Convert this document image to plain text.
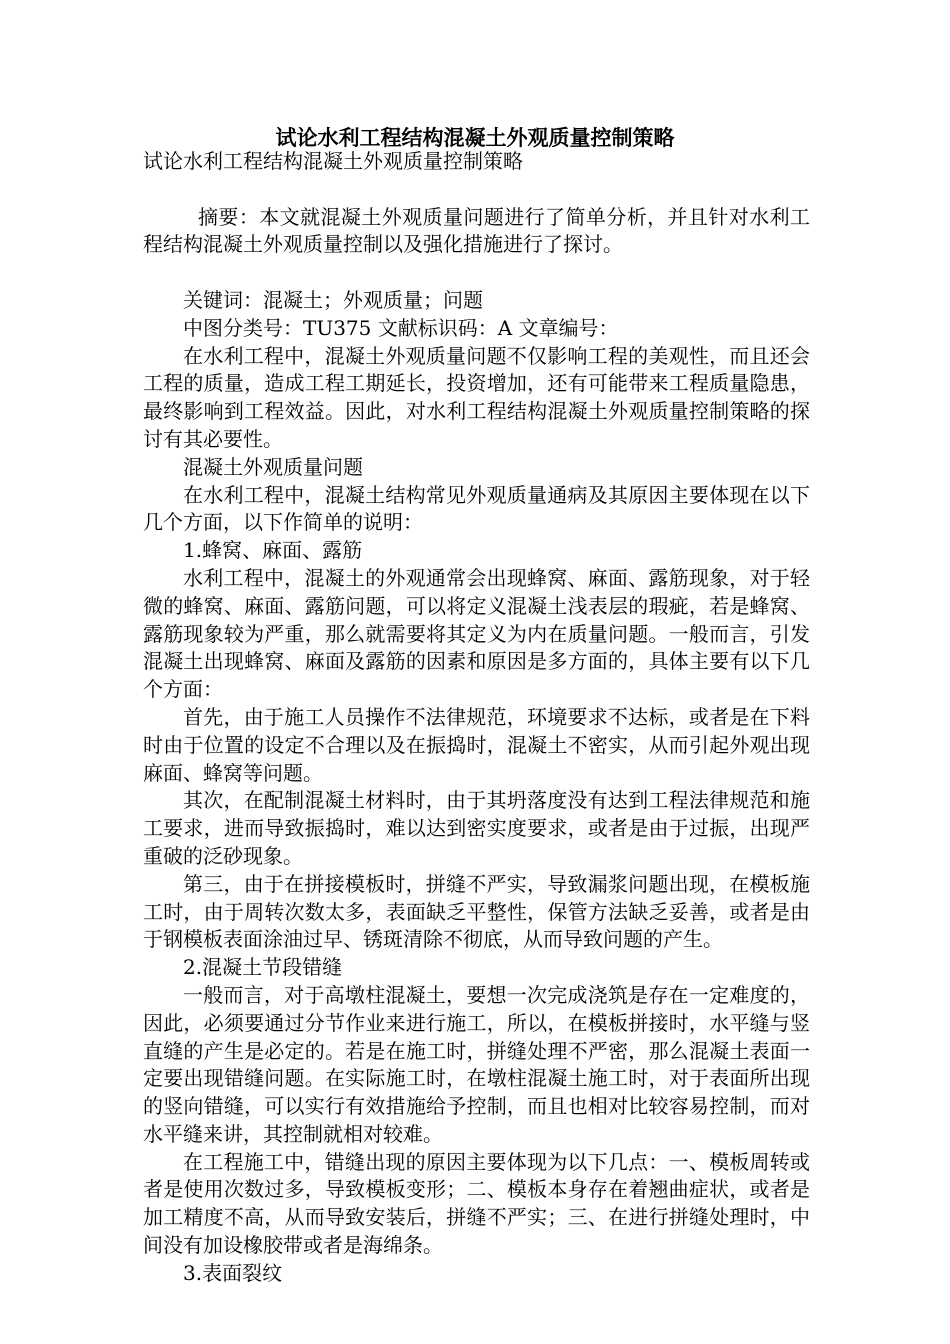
试论水利工程结构混凝土外观质量控制策略

试论水利工程结构混凝土外观质量控制策略

摘要：本文就混凝土外观质量问题进行了简单分析，并且针对水利工程结构混凝土外观质量控制以及强化措施进行了探讨。

关键词：混凝土；外观质量；问题

中图分类号：TU375 文献标识码：A 文章编号：

在水利工程中，混凝土外观质量问题不仅影响工程的美观性，而且还会工程的质量，造成工程工期延长，投资增加，还有可能带来工程质量隐患，最终影响到工程效益。因此，对水利工程结构混凝土外观质量控制策略的探讨有其必要性。

混凝土外观质量问题

在水利工程中，混凝土结构常见外观质量通病及其原因主要体现在以下几个方面，以下作简单的说明：

1.蜂窝、麻面、露筋

水利工程中，混凝土的外观通常会出现蜂窝、麻面、露筋现象，对于轻微的蜂窝、麻面、露筋问题，可以将定义混凝土浅表层的瑕疵，若是蜂窝、露筋现象较为严重，那么就需要将其定义为内在质量问题。一般而言，引发混凝土出现蜂窝、麻面及露筋的因素和原因是多方面的，具体主要有以下几个方面：

首先，由于施工人员操作不法律规范，环境要求不达标，或者是在下料时由于位置的设定不合理以及在振捣时，混凝土不密实，从而引起外观出现麻面、蜂窝等问题。

其次，在配制混凝土材料时，由于其坍落度没有达到工程法律规范和施工要求，进而导致振捣时，难以达到密实度要求，或者是由于过振，出现严重破的泛砂现象。

第三，由于在拼接模板时，拼缝不严实，导致漏浆问题出现，在模板施工时，由于周转次数太多，表面缺乏平整性，保管方法缺乏妥善，或者是由于钢模板表面涂油过早、锈斑清除不彻底，从而导致问题的产生。

2.混凝土节段错缝

一般而言，对于高墩柱混凝土，要想一次完成浇筑是存在一定难度的，因此，必须要通过分节作业来进行施工，所以，在模板拼接时，水平缝与竖直缝的产生是必定的。若是在施工时，拼缝处理不严密，那么混凝土表面一定要出现错缝问题。在实际施工时，在墩柱混凝土施工时，对于表面所出现的竖向错缝，可以实行有效措施给予控制，而且也相对比较容易控制，而对水平缝来讲，其控制就相对较难。

在工程施工中，错缝出现的原因主要体现为以下几点：一、模板周转或者是使用次数过多，导致模板变形；二、模板本身存在着翘曲症状，或者是加工精度不高，从而导致安装后，拼缝不严实；三、在进行拼缝处理时，中间没有加设橡胶带或者是海绵条。

3.表面裂纹
